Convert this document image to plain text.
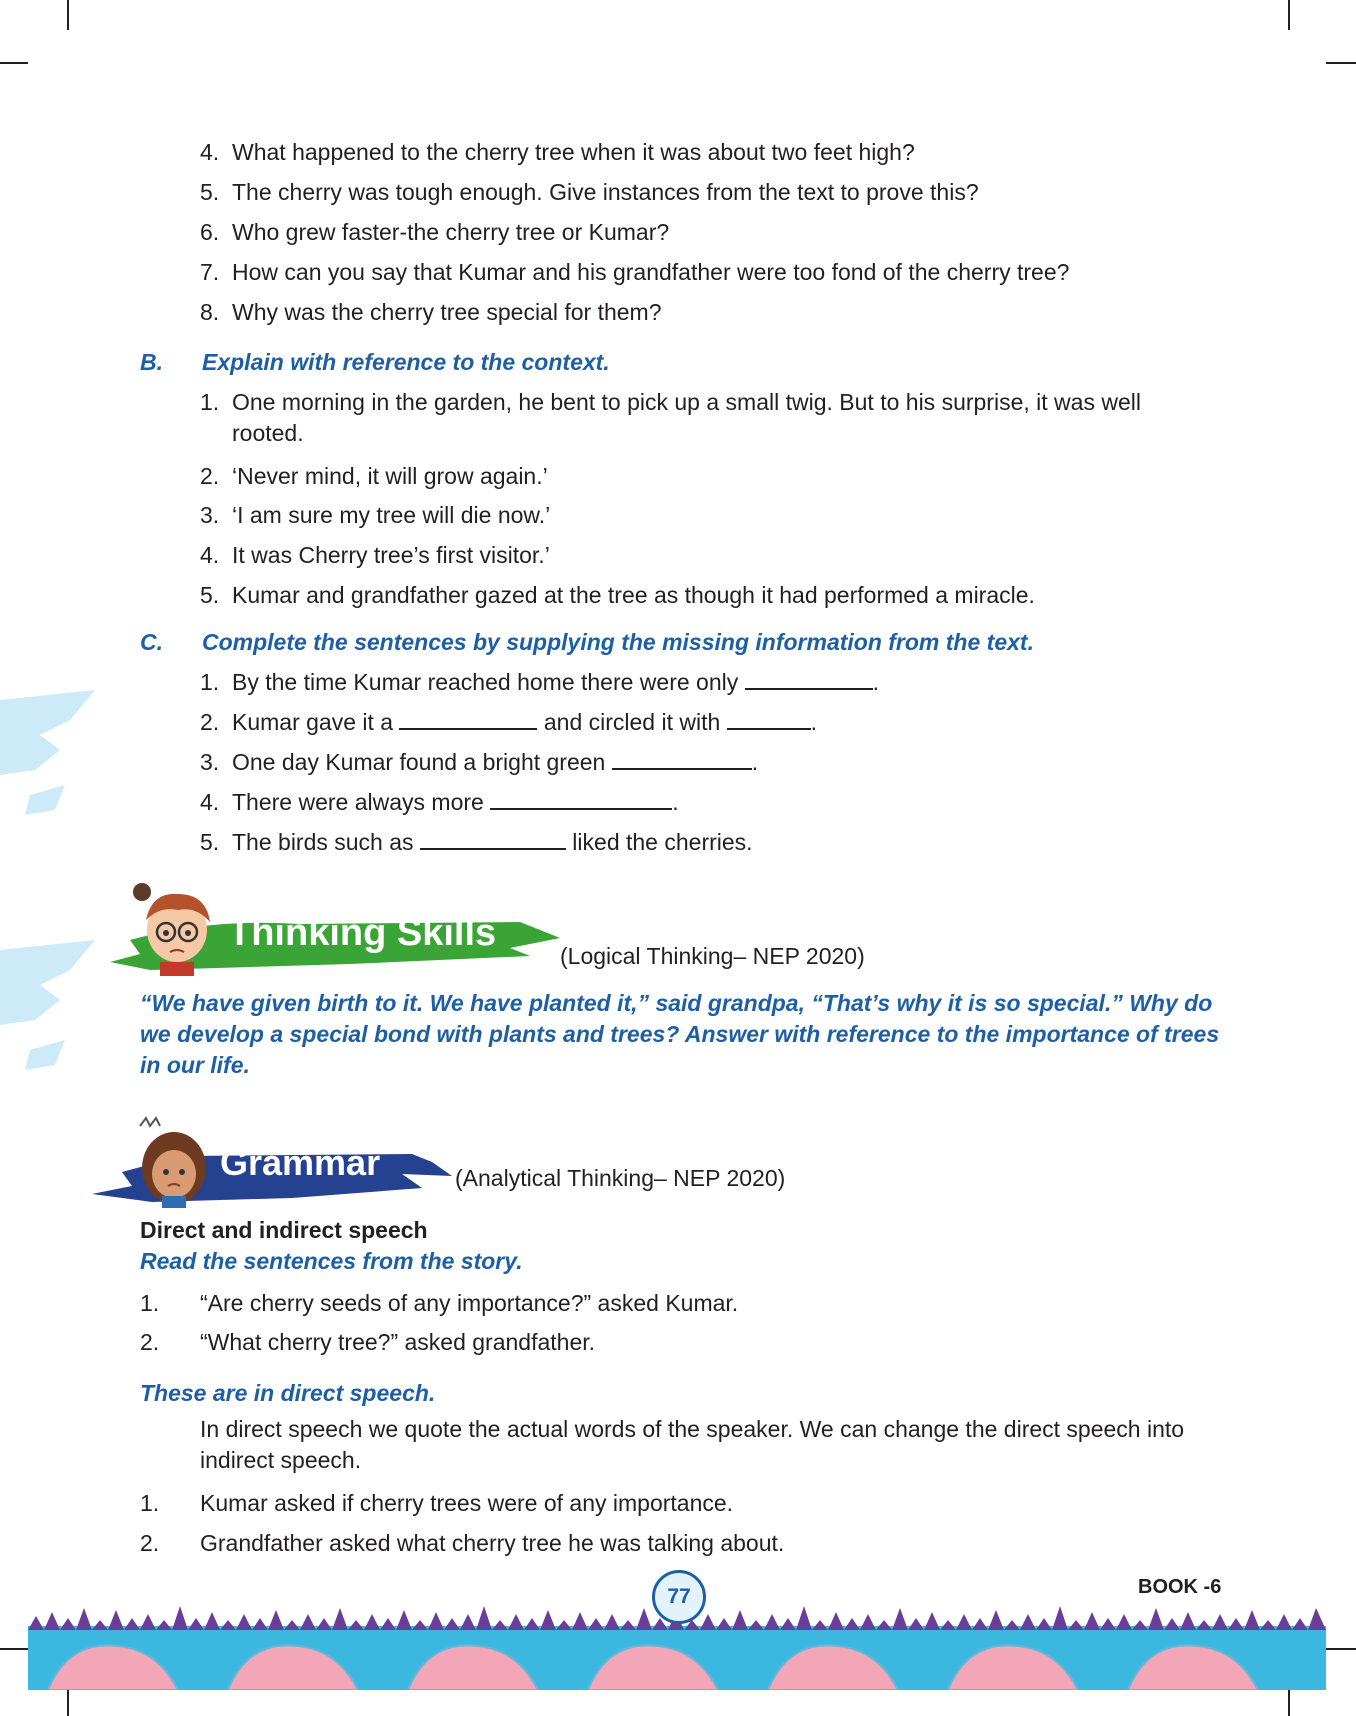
4. What happened to the cherry tree when it was about two feet high?

5. The cherry was tough enough. Give instances from the text to prove this?

6. Who grew faster-the cherry tree or Kumar?

7. How can you say that Kumar and his grandfather were too fond of the cherry tree?

8. Why was the cherry tree special for them?

B. Explain with reference to the context.

1. One morning in the garden, he bent to pick up a small twig. But to his surprise, it was well rooted.

2. ‘Never mind, it will grow again.’

3. ‘I am sure my tree will die now.’

4. It was Cherry tree’s first visitor.’

5. Kumar and grandfather gazed at the tree as though it had performed a miracle.

C. Complete the sentences by supplying the missing information from the text.

1. By the time Kumar reached home there were only	.

2. Kumar gave it a	and circled it with	.

3. One day Kumar found a bright green	.

4. There were always more	.

5. The birds such as	liked the cherries.

Thinking Skills
(Logical Thinking– NEP 2020)

“We have given birth to it. We have planted it,” said grandpa, “That’s why it is so special.” Why do we develop a special bond with plants and trees? Answer with reference to the importance of trees in our life.

Grammar	(Analytical Thinking– NEP 2020)

Direct and indirect speech

Read the sentences from the story.

1. “Are cherry seeds of any importance?” asked Kumar.

2. “What cherry tree?” asked grandfather.

These are in direct speech.

In direct speech we quote the actual words of the speaker. We can change the direct speech into indirect speech.

1. Kumar asked if cherry trees were of any importance.

2. Grandfather asked what cherry tree he was talking about.

77	BOOK -6
